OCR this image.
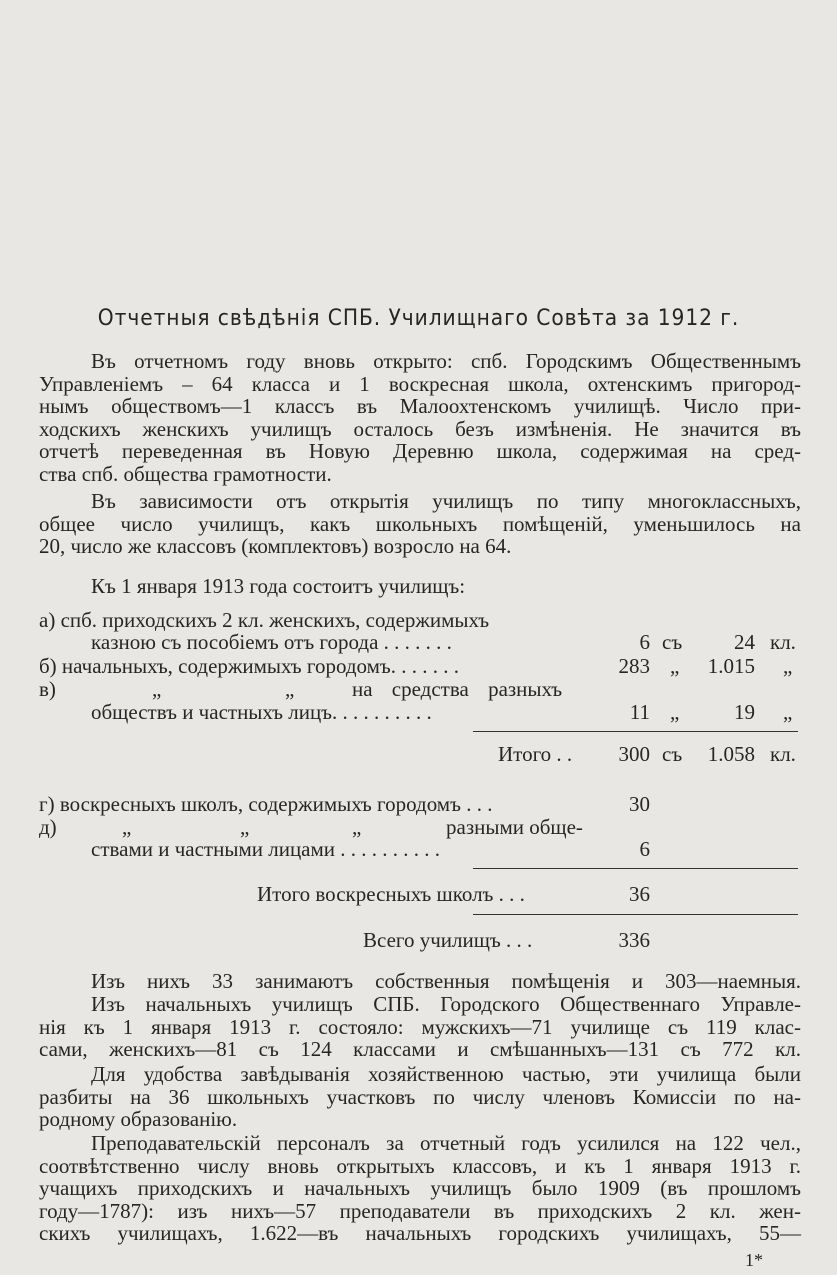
Отчетныя свѣдѣнія СПБ. Училищнаго Совѣта за 1912 г.
Въ отчетномъ году вновь открыто: спб. Городскимъ Общественнымъ
Управленіемъ – 64 класса и 1 воскресная школа, охтенскимъ пригород-
нымъ обществомъ—1 классъ въ Малоохтенскомъ училищѣ. Число при-
ходскихъ женскихъ училищъ осталось безъ измѣненія. Не значится въ
отчетѣ переведенная въ Новую Деревню школа, содержимая на сред-
ства спб. общества грамотности.
Въ зависимости отъ открытія училищъ по типу многоклассныхъ,
общее число училищъ, какъ школьныхъ помѣщеній, уменьшилось на
20, число же классовъ (комплектовъ) возросло на 64.
Къ 1 января 1913 года состоитъ училищъ:
а) спб. приходскихъ 2 кл. женскихъ, содержимыхъ
казною съ пособіемъ отъ города . . . . . . .	6 съ	24 кл.
б) начальныхъ, содержимыхъ городомъ. . . . . . .	283 „	1.015 „
в)	„	„	на средства разныхъ
обществъ и частныхъ лицъ. . . . . . . . . .	11 „	19 „
Итого . .	300 съ	1.058 кл.
г) воскресныхъ школъ, содержимыхъ городомъ . . .	30
д)	„	„	„	разными обще-
ствами и частными лицами . . . . . . . . . .	6
Итого воскресныхъ школъ . . .	36
Всего училищъ . . .	336
Изъ нихъ 33 занимаютъ собственныя помѣщенія и 303—наемныя.
Изъ начальныхъ училищъ СПБ. Городского Общественнаго Управле-
нія къ 1 января 1913 г. состояло: мужскихъ—71 училище съ 119 клас-
сами, женскихъ—81 съ 124 классами и смѣшанныхъ—131 съ 772 кл.
Для удобства завѣдыванія хозяйственною частью, эти училища были
разбиты на 36 школьныхъ участковъ по числу членовъ Комиссіи по на-
родному образованію.
Преподавательскій персоналъ за отчетный годъ усилился на 122 чел.,
соотвѣтственно числу вновь открытыхъ классовъ, и къ 1 января 1913 г.
учащихъ приходскихъ и начальныхъ училищъ было 1909 (въ прошломъ
году—1787): изъ нихъ—57 преподаватели въ приходскихъ 2 кл. жен-
скихъ училищахъ, 1.622—въ начальныхъ городскихъ училищахъ, 55—
1*
